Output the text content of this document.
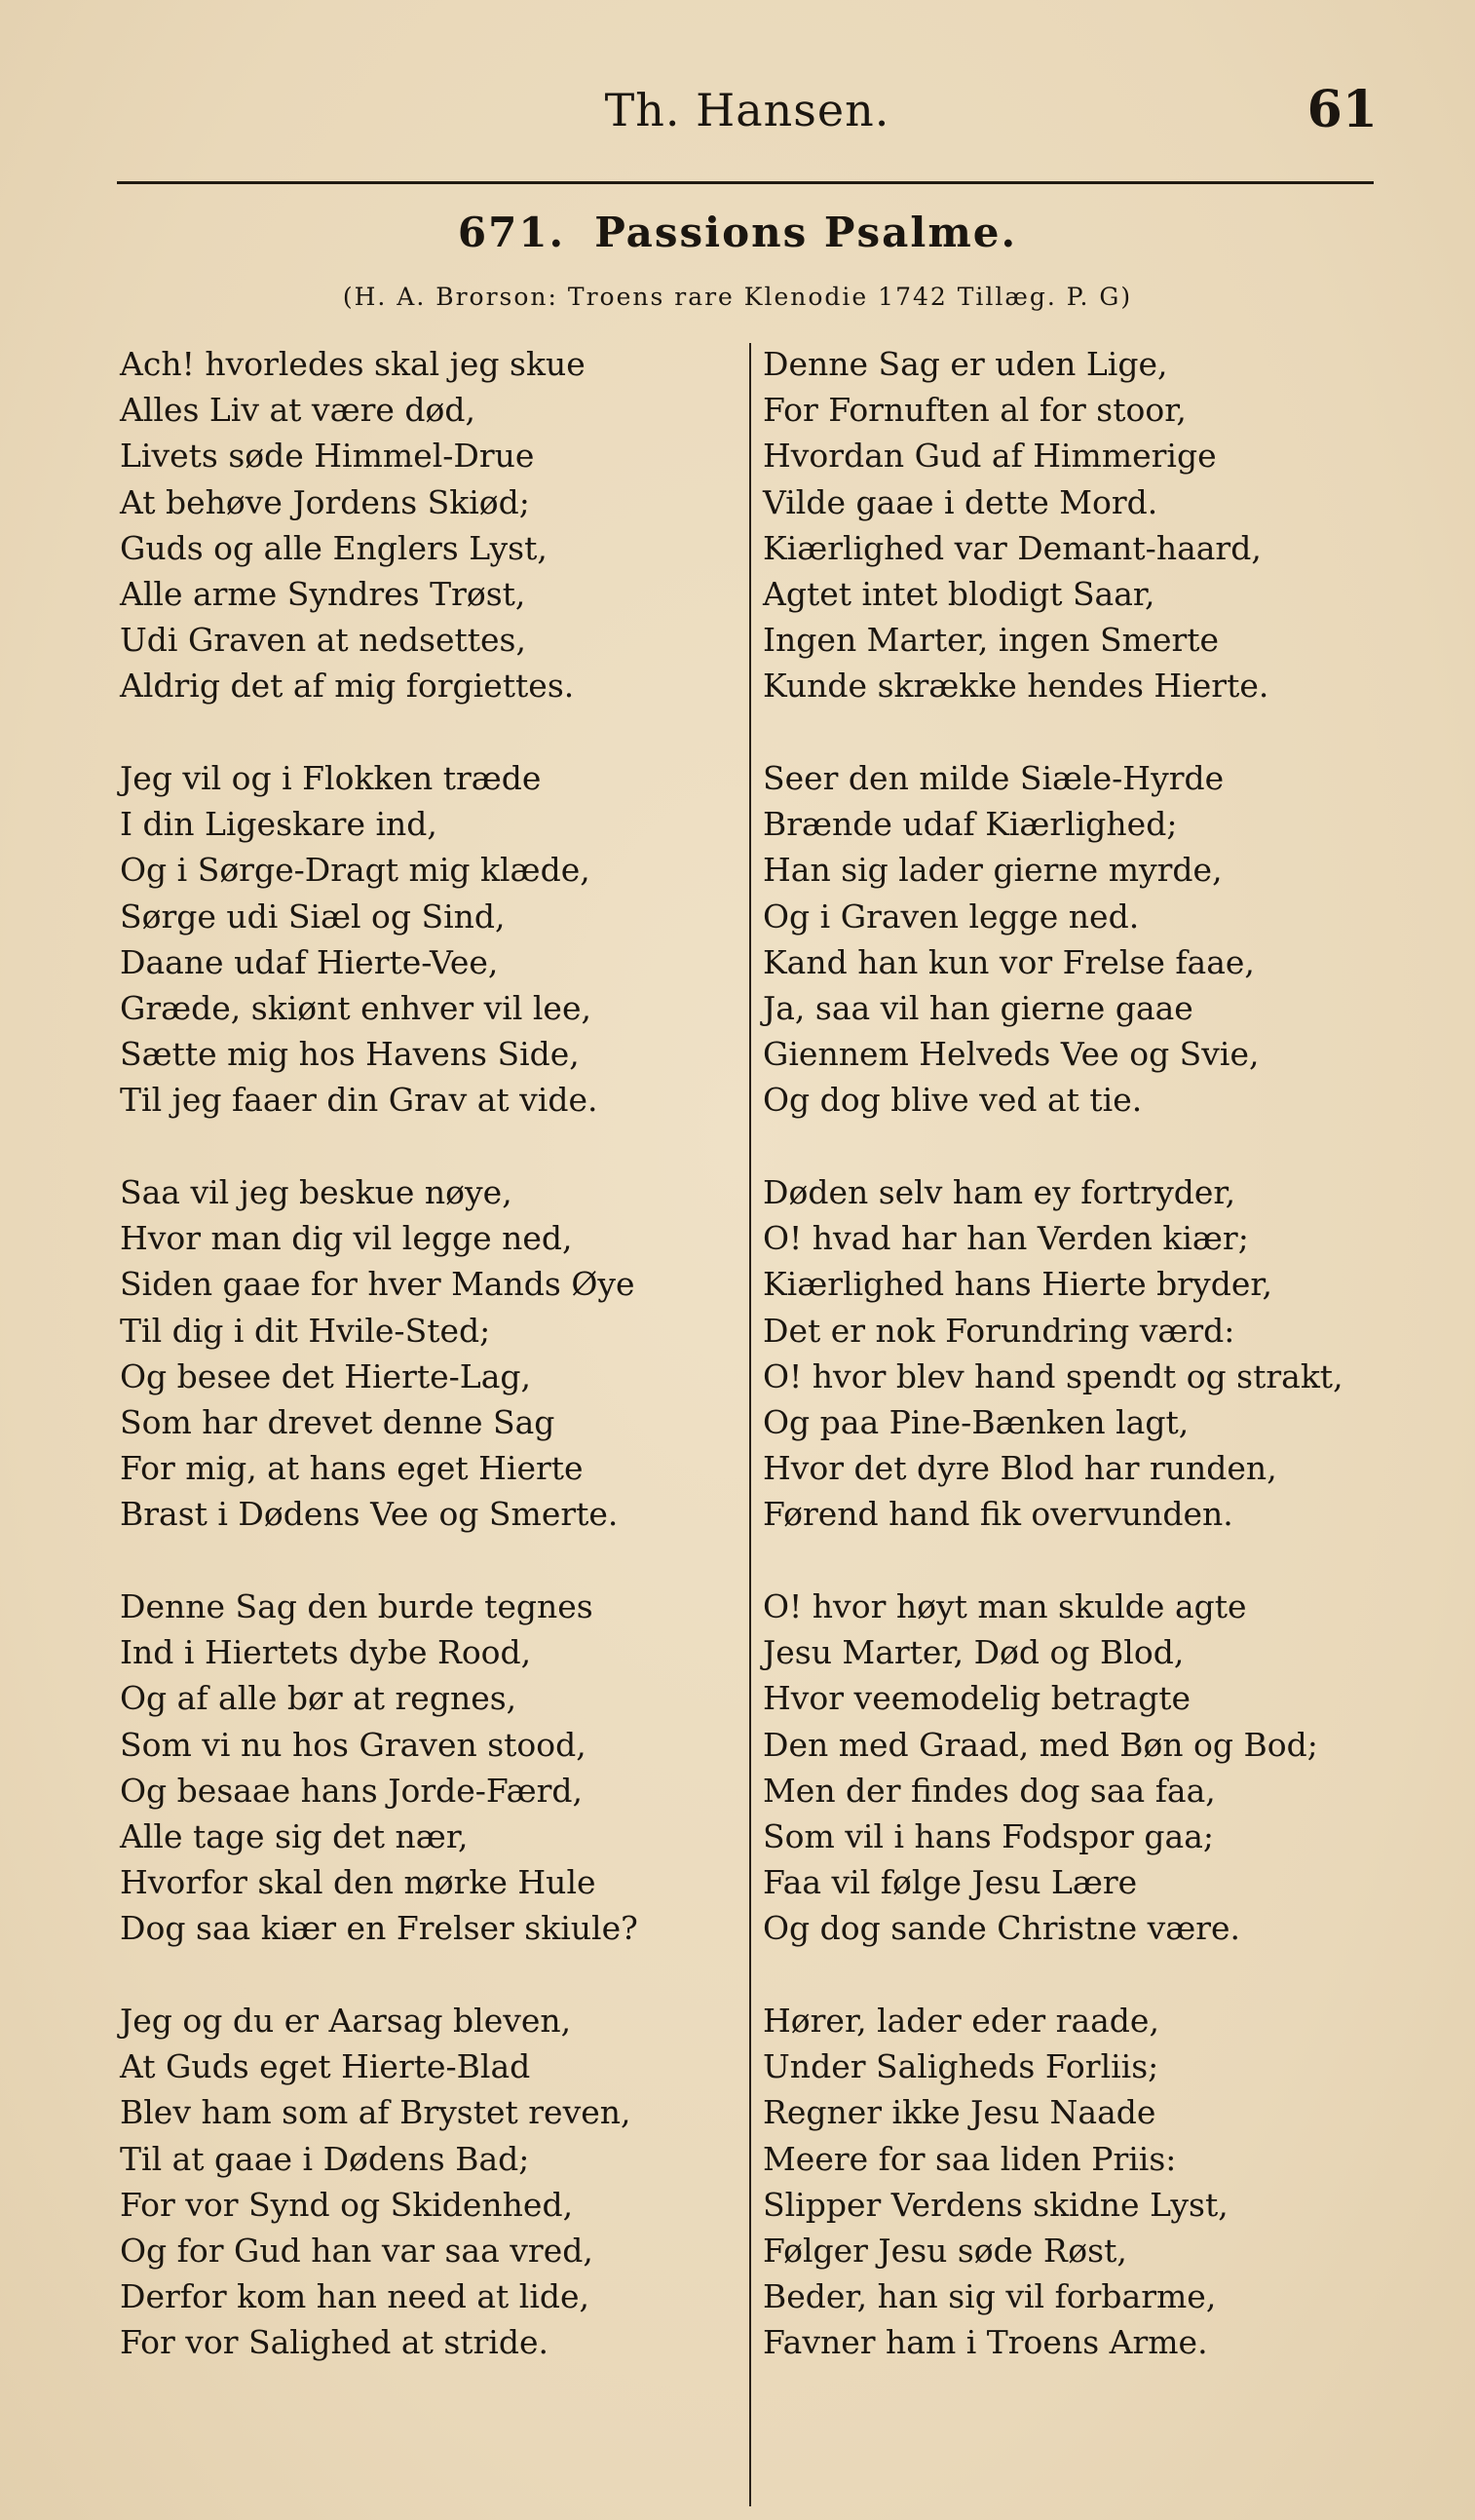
Th. Hansen.	61
671. Passions Psalme.
(H. A. Brorson: Troens rare Klenodie 1742 Tillæg. P. G)
Ach! hvorledes skal jeg skue
Alles Liv at være død,
Livets søde Himmel-Drue
At behøve Jordens Skiød;
Guds og alle Englers Lyst,
Alle arme Syndres Trøst,
Udi Graven at nedsettes,
Aldrig det af mig forgiettes.
Jeg vil og i Flokken træde
I din Ligeskare ind,
Og i Sørge-Dragt mig klæde,
Sørge udi Siæl og Sind,
Daane udaf Hierte-Vee,
Græde, skiønt enhver vil lee,
Sætte mig hos Havens Side,
Til jeg faaer din Grav at vide.
Saa vil jeg beskue nøye,
Hvor man dig vil legge ned,
Siden gaae for hver Mands Øye
Til dig i dit Hvile-Sted;
Og besee det Hierte-Lag,
Som har drevet denne Sag
For mig, at hans eget Hierte
Brast i Dødens Vee og Smerte.
Denne Sag den burde tegnes
Ind i Hiertets dybe Rood,
Og af alle bør at regnes,
Som vi nu hos Graven stood,
Og besaae hans Jorde-Færd,
Alle tage sig det nær,
Hvorfor skal den mørke Hule
Dog saa kiær en Frelser skiule?
Jeg og du er Aarsag bleven,
At Guds eget Hierte-Blad
Blev ham som af Brystet reven,
Til at gaae i Dødens Bad;
For vor Synd og Skidenhed,
Og for Gud han var saa vred,
Derfor kom han need at lide,
For vor Salighed at stride.
Denne Sag er uden Lige,
For Fornuften al for stoor,
Hvordan Gud af Himmerige
Vilde gaae i dette Mord.
Kiærlighed var Demant-haard,
Agtet intet blodigt Saar,
Ingen Marter, ingen Smerte
Kunde skrække hendes Hierte.
Seer den milde Siæle-Hyrde
Brænde udaf Kiærlighed;
Han sig lader gierne myrde,
Og i Graven legge ned.
Kand han kun vor Frelse faae,
Ja, saa vil han gierne gaae
Giennem Helveds Vee og Svie,
Og dog blive ved at tie.
Døden selv ham ey fortryder,
O! hvad har han Verden kiær;
Kiærlighed hans Hierte bryder,
Det er nok Forundring værd:
O! hvor blev hand spendt og strakt,
Og paa Pine-Bænken lagt,
Hvor det dyre Blod har runden,
Førend hand fik overvunden.
O! hvor høyt man skulde agte
Jesu Marter, Død og Blod,
Hvor veemodelig betragte
Den med Graad, med Bøn og Bod;
Men der findes dog saa faa,
Som vil i hans Fodspor gaa;
Faa vil følge Jesu Lære
Og dog sande Christne være.
Hører, lader eder raade,
Under Saligheds Forliis;
Regner ikke Jesu Naade
Meere for saa liden Priis:
Slipper Verdens skidne Lyst,
Følger Jesu søde Røst,
Beder, han sig vil forbarme,
Favner ham i Troens Arme.
